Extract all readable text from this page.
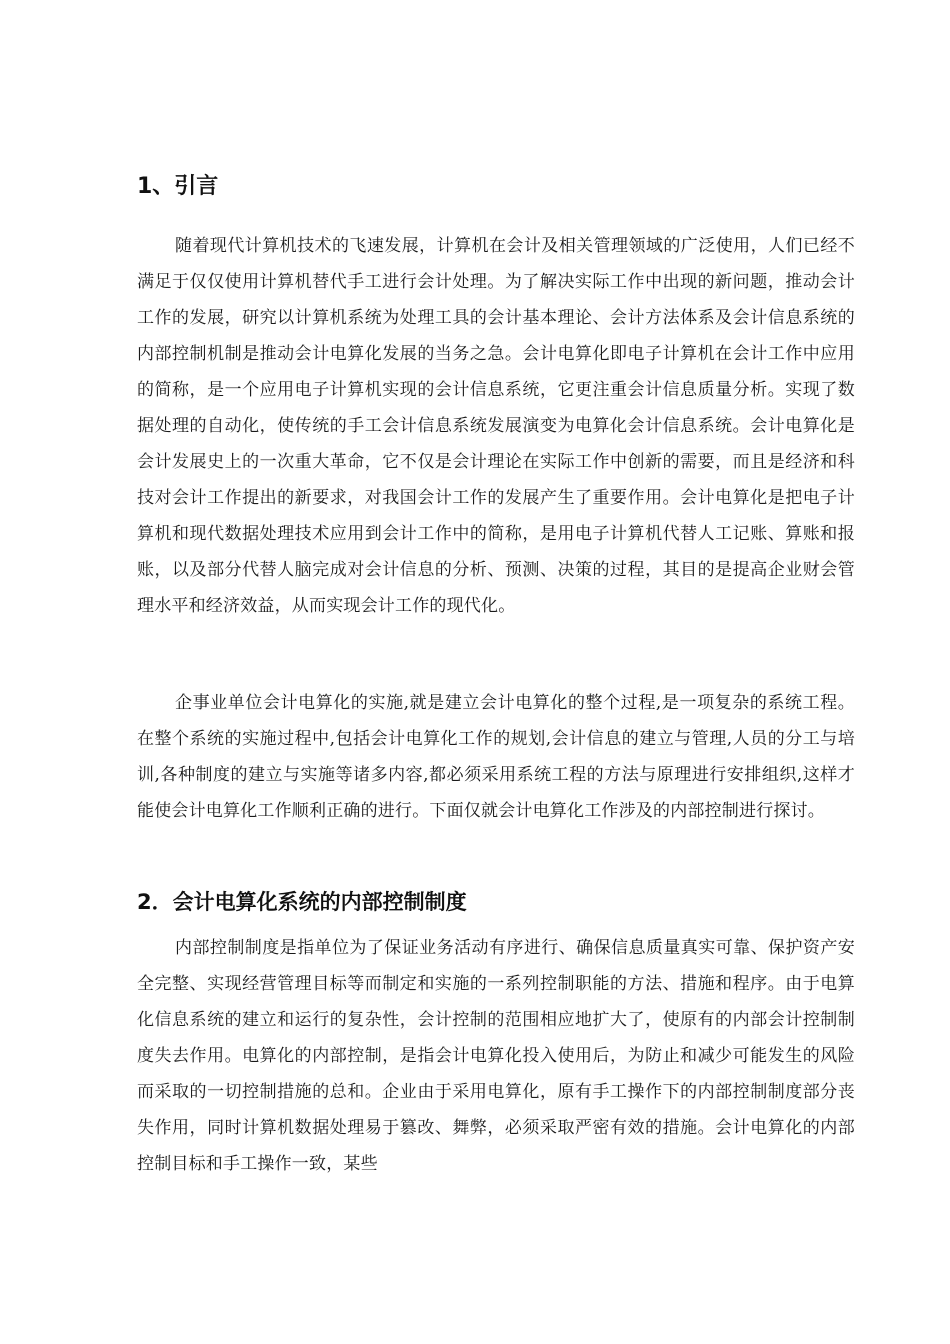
1、引言

随着现代计算机技术的飞速发展，计算机在会计及相关管理领域的广泛使用，人们已经不满足于仅仅使用计算机替代手工进行会计处理。为了解决实际工作中出现的新问题，推动会计工作的发展，研究以计算机系统为处理工具的会计基本理论、会计方法体系及会计信息系统的内部控制机制是推动会计电算化发展的当务之急。会计电算化即电子计算机在会计工作中应用的简称，是一个应用电子计算机实现的会计信息系统，它更注重会计信息质量分析。实现了数据处理的自动化，使传统的手工会计信息系统发展演变为电算化会计信息系统。会计电算化是会计发展史上的一次重大革命，它不仅是会计理论在实际工作中创新的需要，而且是经济和科技对会计工作提出的新要求，对我国会计工作的发展产生了重要作用。会计电算化是把电子计算机和现代数据处理技术应用到会计工作中的简称，是用电子计算机代替人工记账、算账和报账，以及部分代替人脑完成对会计信息的分析、预测、决策的过程，其目的是提高企业财会管理水平和经济效益，从而实现会计工作的现代化。

企事业单位会计电算化的实施,就是建立会计电算化的整个过程,是一项复杂的系统工程。在整个系统的实施过程中,包括会计电算化工作的规划,会计信息的建立与管理,人员的分工与培训,各种制度的建立与实施等诸多内容,都必须采用系统工程的方法与原理进行安排组织,这样才能使会计电算化工作顺利正确的进行。下面仅就会计电算化工作涉及的内部控制进行探讨。

2．会计电算化系统的内部控制制度

内部控制制度是指单位为了保证业务活动有序进行、确保信息质量真实可靠、保护资产安全完整、实现经营管理目标等而制定和实施的一系列控制职能的方法、措施和程序。由于电算化信息系统的建立和运行的复杂性，会计控制的范围相应地扩大了，使原有的内部会计控制制度失去作用。电算化的内部控制，是指会计电算化投入使用后，为防止和减少可能发生的风险而采取的一切控制措施的总和。企业由于采用电算化，原有手工操作下的内部控制制度部分丧失作用，同时计算机数据处理易于篡改、舞弊，必须采取严密有效的措施。会计电算化的内部控制目标和手工操作一致，某些
